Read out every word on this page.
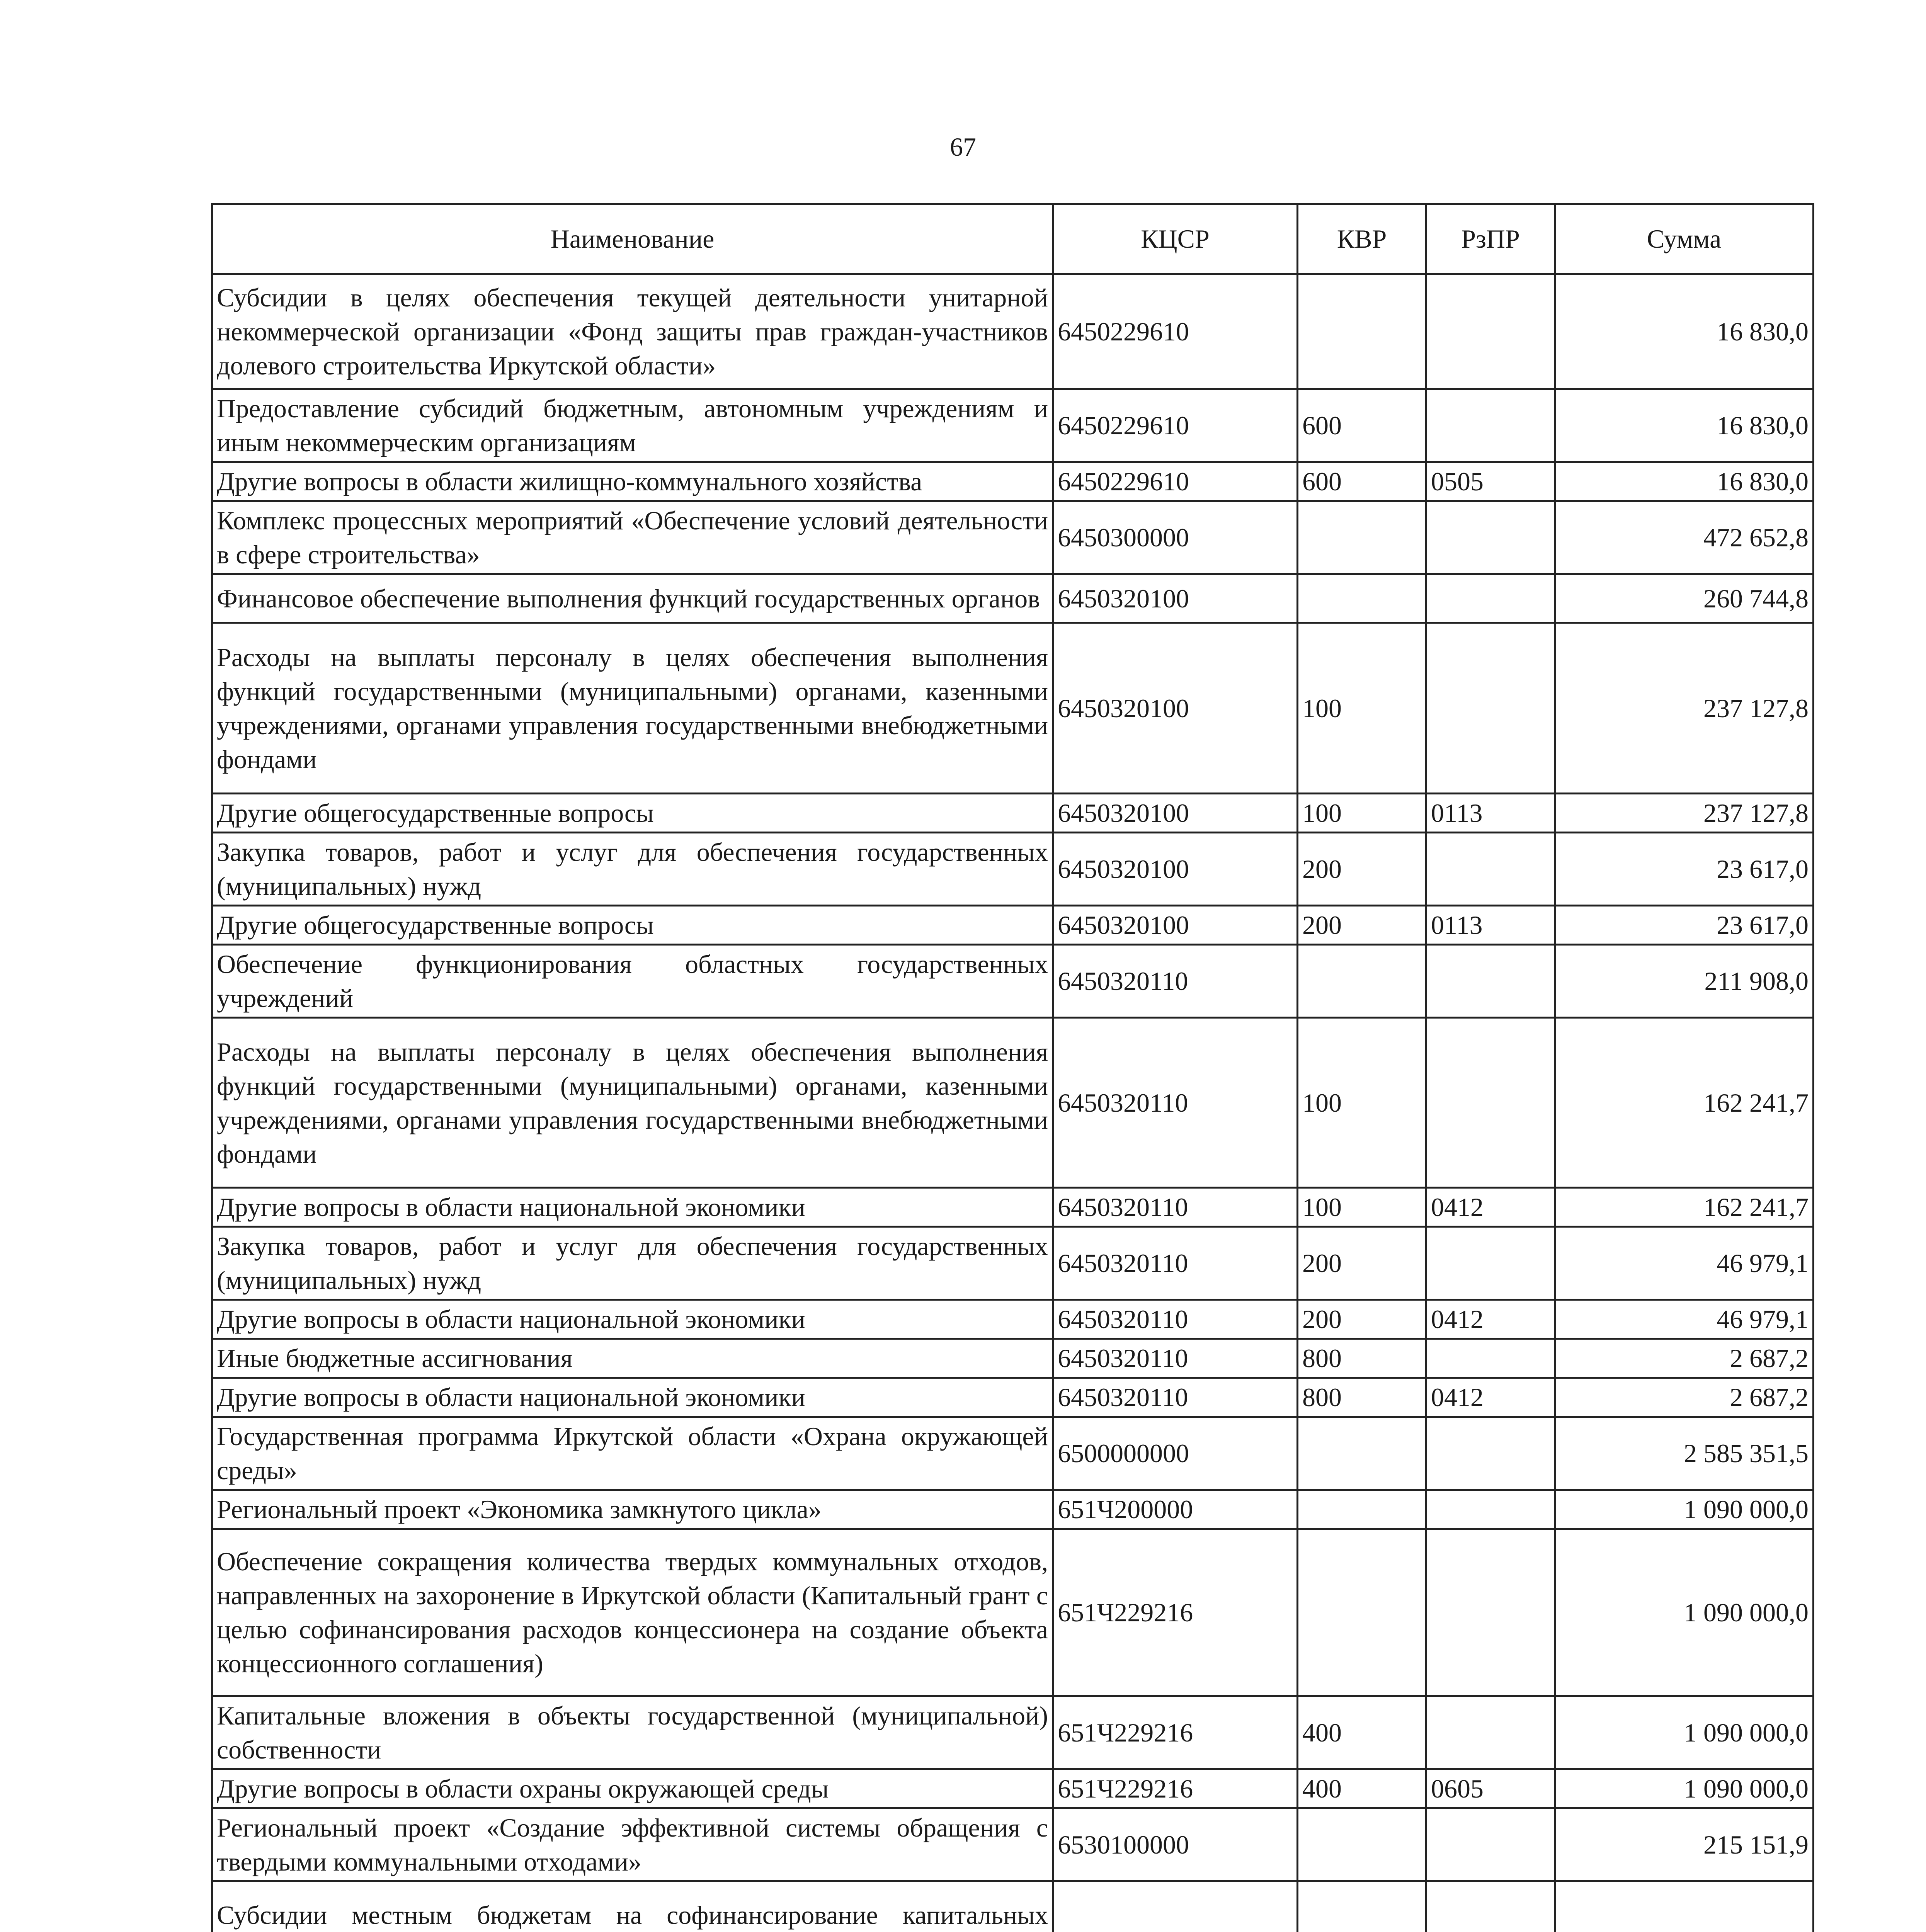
67
Наименование	КЦСР	КВР	РзПР	Сумма
Субсидии в целях обеспечения текущей деятельности унитарной некоммерческой организации «Фонд защиты прав граждан-участников долевого строительства Иркутской области»	6450229610			16 830,0
Предоставление субсидий бюджетным, автономным учреждениям и иным некоммерческим организациям	6450229610	600		16 830,0
Другие вопросы в области жилищно-коммунального хозяйства	6450229610	600	0505	16 830,0
Комплекс процессных мероприятий «Обеспечение условий деятельности в сфере строительства»	6450300000			472 652,8
Финансовое обеспечение выполнения функций государственных органов	6450320100			260 744,8
Расходы на выплаты персоналу в целях обеспечения выполнения функций государственными (муниципальными) органами, казенными учреждениями, органами управления государственными внебюджетными фондами	6450320100	100		237 127,8
Другие общегосударственные вопросы	6450320100	100	0113	237 127,8
Закупка товаров, работ и услуг для обеспечения государственных (муниципальных) нужд	6450320100	200		23 617,0
Другие общегосударственные вопросы	6450320100	200	0113	23 617,0
Обеспечение функционирования областных государственных учреждений	6450320110			211 908,0
Расходы на выплаты персоналу в целях обеспечения выполнения функций государственными (муниципальными) органами, казенными учреждениями, органами управления государственными внебюджетными фондами	6450320110	100		162 241,7
Другие вопросы в области национальной экономики	6450320110	100	0412	162 241,7
Закупка товаров, работ и услуг для обеспечения государственных (муниципальных) нужд	6450320110	200		46 979,1
Другие вопросы в области национальной экономики	6450320110	200	0412	46 979,1
Иные бюджетные ассигнования	6450320110	800		2 687,2
Другие вопросы в области национальной экономики	6450320110	800	0412	2 687,2
Государственная программа Иркутской области «Охрана окружающей среды»	6500000000			2 585 351,5
Региональный проект «Экономика замкнутого цикла»	651Ч200000			1 090 000,0
Обеспечение сокращения количества твердых коммунальных отходов, направленных на захоронение в Иркутской области (Капитальный грант с целью софинансирования расходов концессионера на создание объекта концессионного соглашения)	651Ч229216			1 090 000,0
Капитальные вложения в объекты государственной (муниципальной) собственности	651Ч229216	400		1 090 000,0
Другие вопросы в области охраны окружающей среды	651Ч229216	400	0605	1 090 000,0
Региональный проект «Создание эффективной системы обращения с твердыми коммунальными отходами»	6530100000			215 151,9
Субсидии местным бюджетам на софинансирование капитальных				
